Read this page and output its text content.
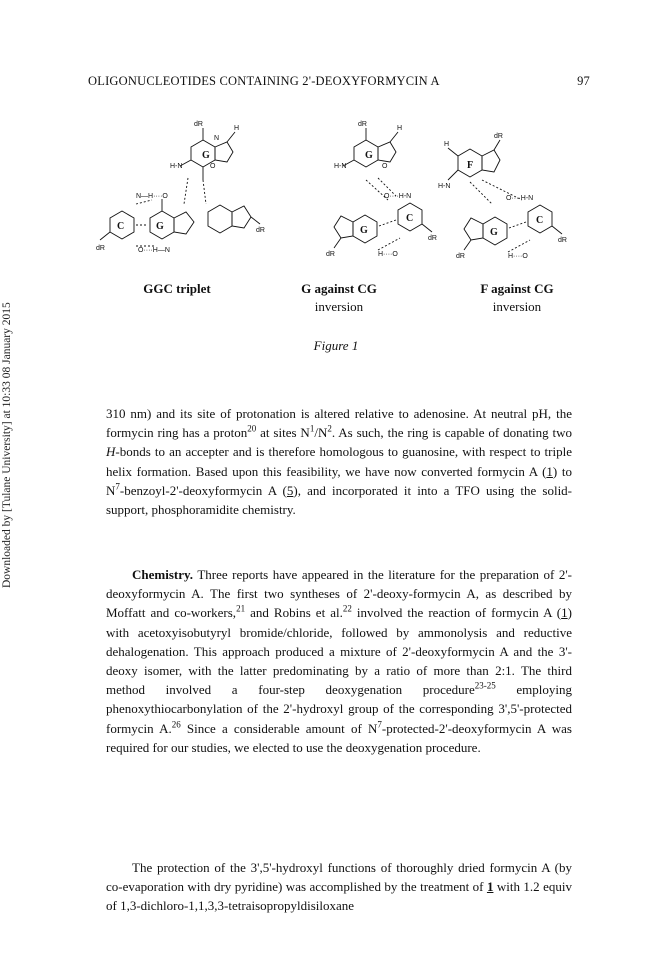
OLIGONUCLEOTIDES CONTAINING 2'-DEOXYFORMYCIN A	97
Downloaded by [Tulane University] at 10:33 08 January 2015
G
C	G
dR
H
N
H-N	O
dR
dR
N—H····O
O····H—N
G
C
G
dR
H
H-N	O
dR
dR
O····H-N
H····O
F
C
G
dR
H
H-N
dR
dR
O····H-N
H····O
GGC triplet	G against CG
inversion
F against CG
inversion
Figure 1

310 nm) and its site of protonation is altered relative to adenosine. At neutral pH, the formycin ring has a proton$^{20}$ at sites $N^1/N^2$. As such, the ring is capable of donating two H-bonds to an accepter and is therefore homologous to guanosine, with respect to triple helix formation. Based upon this feasibility, we have now converted formycin A (1) to $N^7-benzoyl-2'$-deoxyformycin A (5), and incorporated it into a TFO using the solid-support, phosphoramidite chemistry.

Chemistry. Three reports have appeared in the literature for the preparation of 2'-deoxyformycin A. The first two syntheses of 2'-deoxy-formycin A, as described by Moffatt and co-workers,$^{21}$ and Robins et al.$^{22}$ involved the reaction of formycin A (1) with acetoxyisobutyryl bromide/chloride, followed by ammonolysis and reductive dehalogenation. This approach produced a mixture of 2'-deoxyformycin A and the 3'-deoxy isomer, with the latter predominating by a ratio of more than 2:1. The third method involved a four-step deoxygenation procedure$^{23-25}$ employing phenoxythiocarbonylation of the 2'-hydroxyl group of the corresponding 3',5'-protected formycin A.$^{26}$ Since a considerable amount of $N^7-protected-2'$-deoxyformycin A was required for our studies, we elected to use the deoxygenation procedure.

The protection of the 3',5'-hydroxyl functions of thoroughly dried formycin A (by co-evaporation with dry pyridine) was accomplished by the treatment of 1 with 1.2 equiv of 1,3-dichloro-1,1,3,3-tetraisopropyldisiloxane
